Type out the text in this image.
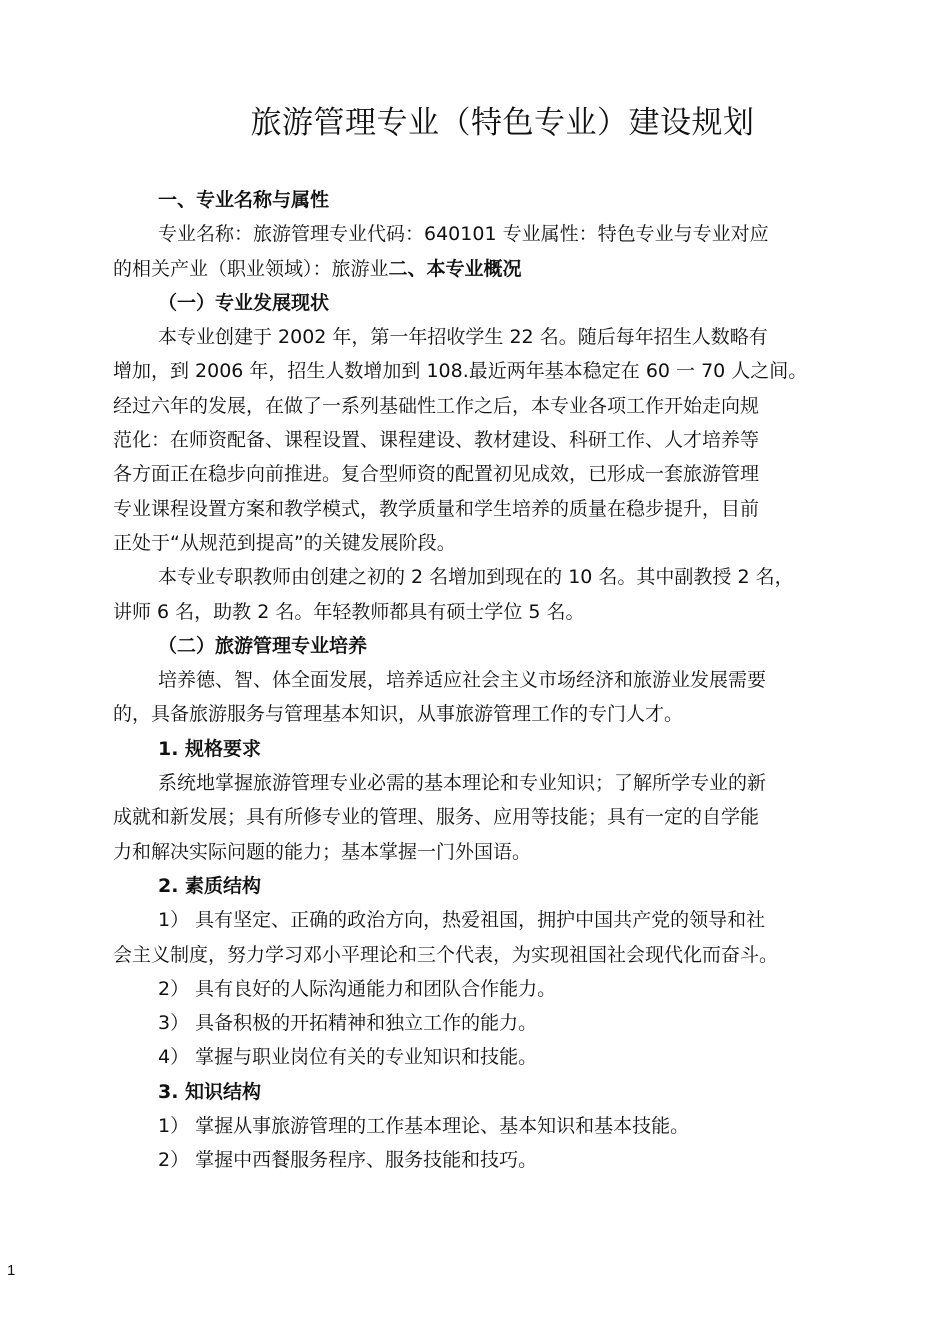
旅游管理专业（特色专业）建设规划
一、专业名称与属性
专业名称：旅游管理专业代码：640101 专业属性：特色专业与专业对应
的相关产业（职业领域）：旅游业二、本专业概况
（一）专业发展现状
本专业创建于 2002 年，第一年招收学生 22 名。随后每年招生人数略有
增加，到 2006 年，招生人数增加到 108.最近两年基本稳定在 60 一 70 人之间。
经过六年的发展，在做了一系列基础性工作之后，本专业各项工作开始走向规
范化：在师资配备、课程设置、课程建设、教材建设、科研工作、人才培养等
各方面正在稳步向前推进。复合型师资的配置初见成效，已形成一套旅游管理
专业课程设置方案和教学模式，教学质量和学生培养的质量在稳步提升，目前
正处于“从规范到提高”的关键发展阶段。
本专业专职教师由创建之初的 2 名增加到现在的 10 名。其中副教授 2 名，
讲师 6 名，助教 2 名。年轻教师都具有硕士学位 5 名。
（二）旅游管理专业培养
培养德、智、体全面发展，培养适应社会主义市场经济和旅游业发展需要
的，具备旅游服务与管理基本知识，从事旅游管理工作的专门人才。
1. 规格要求
系统地掌握旅游管理专业必需的基本理论和专业知识；了解所学专业的新
成就和新发展；具有所修专业的管理、服务、应用等技能；具有一定的自学能
力和解决实际问题的能力；基本掌握一门外国语。
2. 素质结构
1） 具有坚定、正确的政治方向，热爱祖国，拥护中国共产党的领导和社
会主义制度，努力学习邓小平理论和三个代表，为实现祖国社会现代化而奋斗。
2） 具有良好的人际沟通能力和团队合作能力。
3） 具备积极的开拓精神和独立工作的能力。
4） 掌握与职业岗位有关的专业知识和技能。
3. 知识结构
1） 掌握从事旅游管理的工作基本理论、基本知识和基本技能。
2） 掌握中西餐服务程序、服务技能和技巧。
1
